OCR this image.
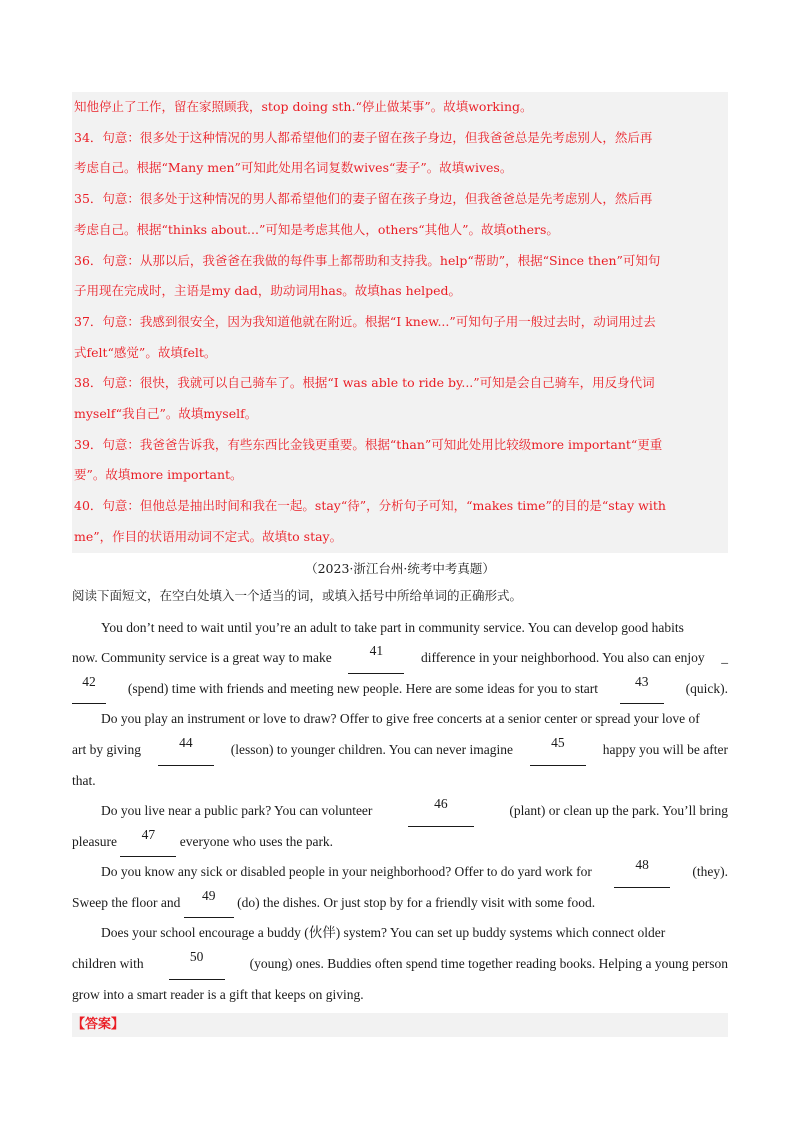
知他停止了工作，留在家照顾我，stop doing sth.“停止做某事”。故填working。
34．句意：很多处于这种情况的男人都希望他们的妻子留在孩子身边，但我爸爸总是先考虑别人，然后再
考虑自己。根据“Many men”可知此处用名词复数wives“妻子”。故填wives。
35．句意：很多处于这种情况的男人都希望他们的妻子留在孩子身边，但我爸爸总是先考虑别人，然后再
考虑自己。根据“thinks about...”可知是考虑其他人，others“其他人”。故填others。
36．句意：从那以后，我爸爸在我做的每件事上都帮助和支持我。help“帮助”，根据“Since then”可知句
子用现在完成时，主语是my dad，助动词用has。故填has helped。
37．句意：我感到很安全，因为我知道他就在附近。根据“I knew...”可知句子用一般过去时，动词用过去
式felt“感觉”。故填felt。
38．句意：很快，我就可以自己骑车了。根据“I was able to ride by...”可知是会自己骑车，用反身代词
myself“我自己”。故填myself。
39．句意：我爸爸告诉我，有些东西比金钱更重要。根据“than”可知此处用比较级more important“更重
要”。故填more important。
40．句意：但他总是抽出时间和我在一起。stay“待”，分析句子可知，“makes time”的目的是“stay with
me”，作目的状语用动词不定式。故填to stay。
（2023·浙江台州·统考中考真题）
阅读下面短文，在空白处填入一个适当的词，或填入括号中所给单词的正确形式。
You don’t need to wait until you’re an adult to take part in community service. You can develop good habits
now. Community service is a great way to make	41	difference in your neighborhood. You also can enjoy _
42	(spend) time with friends and meeting new people. Here are some ideas for you to start	43	(quick).
Do you play an instrument or love to draw? Offer to give free concerts at a senior center or spread your love of
art by giving	44	(lesson) to younger children. You can never imagine	45	happy you will be after
that.
Do you live near a public park? You can volunteer	46	(plant) or clean up the park. You’ll bring
pleasure	47	everyone who uses the park.
Do you know any sick or disabled people in your neighborhood? Offer to do yard work for	48	(they).
Sweep the floor and	49	(do) the dishes. Or just stop by for a friendly visit with some food.
Does your school encourage a buddy (伙伴) system? You can set up buddy systems which connect older
children with	50	(young) ones. Buddies often spend time together reading books. Helping a young person
grow into a smart reader is a gift that keeps on giving.
【答案】
